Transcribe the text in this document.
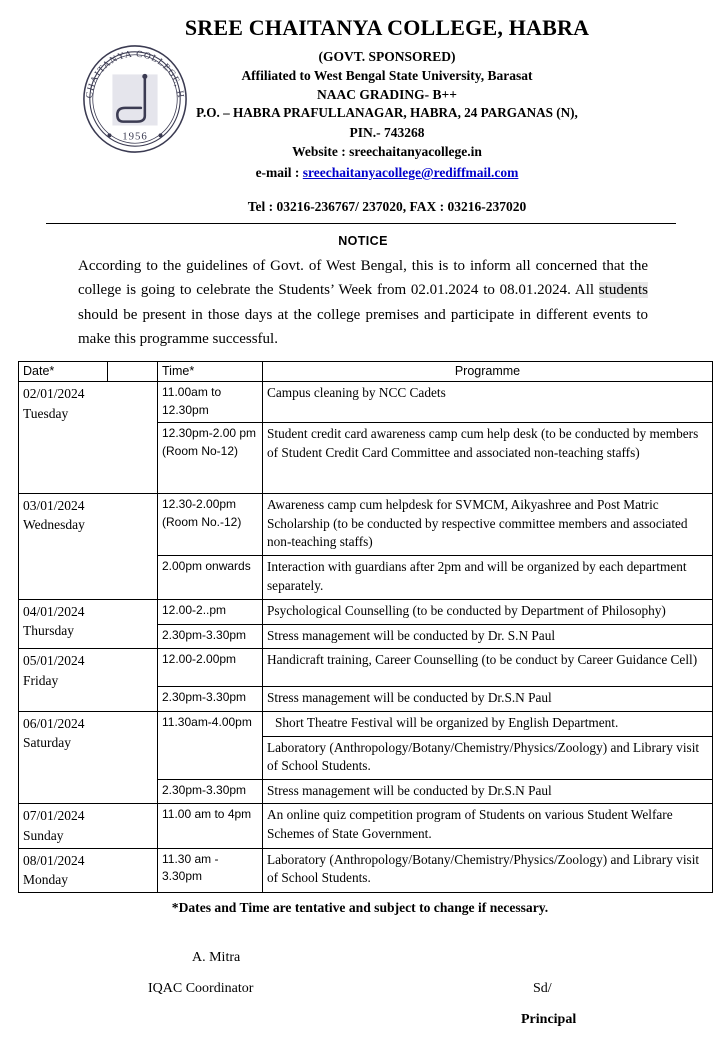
CHAITANYA COLLEGE, H
1956
SREE CHAITANYA COLLEGE, HABRA
(GOVT. SPONSORED)
Affiliated to West Bengal State University, Barasat
NAAC GRADING- B++
P.O. – HABRA PRAFULLANAGAR, HABRA, 24 PARGANAS (N),
PIN.- 743268
Website : sreechaitanyacollege.in
e-mail : sreechaitanyacollege@rediffmail.com
Tel : 03216-236767/ 237020, FAX : 03216-237020
NOTICE
According to the guidelines of Govt. of West Bengal, this is to inform all concerned that the college is going to celebrate the Students’ Week from 02.01.2024 to 08.01.2024. All students should be present in those days at the college premises and participate in different events to make this programme successful.
Date*		Time*	Programme
02/01/2024
Tuesday		11.00am to 12.30pm	Campus cleaning by NCC Cadets
		12.30pm-2.00 pm (Room No-12)	Student credit card awareness camp cum help desk (to be conducted by members of Student Credit Card Committee and associated non-teaching staffs)
03/01/2024
Wednesday		12.30-2.00pm (Room No.-12)	Awareness camp cum helpdesk for SVMCM, Aikyashree and Post Matric Scholarship (to be conducted by respective committee members and associated non-teaching staffs)
		2.00pm onwards	Interaction with guardians after 2pm and will be organized by each department separately.
04/01/2024
Thursday		12.00-2..pm	Psychological Counselling (to be conducted by Department of Philosophy)
		2.30pm-3.30pm	Stress management will be conducted by Dr. S.N Paul
05/01/2024
Friday		12.00-2.00pm	Handicraft training, Career Counselling (to be conduct by Career Guidance Cell)
		2.30pm-3.30pm	Stress management will be conducted by Dr.S.N Paul
06/01/2024
Saturday		11.30am-4.00pm	Short Theatre Festival will be organized by English Department.
			Laboratory (Anthropology/Botany/Chemistry/Physics/Zoology) and Library visit of School Students.
		2.30pm-3.30pm	Stress management will be conducted by Dr.S.N Paul
07/01/2024
Sunday		11.00 am to 4pm	An online quiz competition program of Students on various Student Welfare Schemes of State Government.
08/01/2024
Monday		11.30 am - 3.30pm	Laboratory (Anthropology/Botany/Chemistry/Physics/Zoology) and Library visit of School Students.
*Dates and Time are tentative and subject to change if necessary.
A. Mitra
IQAC Coordinator	Sd/
Principal
